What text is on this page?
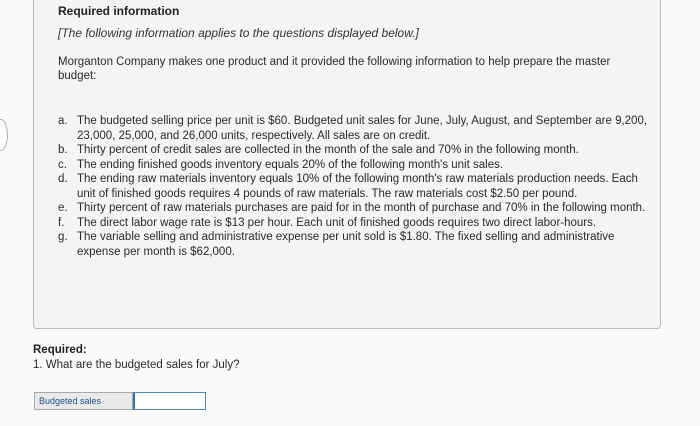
Required information
[The following information applies to the questions displayed below.]
Morganton Company makes one product and it provided the following information to help prepare the master budget:
a. The budgeted selling price per unit is $60. Budgeted unit sales for June, July, August, and September are 9,200, 23,000, 25,000, and 26,000 units, respectively. All sales are on credit.
b. Thirty percent of credit sales are collected in the month of the sale and 70% in the following month.
c. The ending finished goods inventory equals 20% of the following month's unit sales.
d. The ending raw materials inventory equals 10% of the following month's raw materials production needs. Each unit of finished goods requires 4 pounds of raw materials. The raw materials cost $2.50 per pound.
e. Thirty percent of raw materials purchases are paid for in the month of purchase and 70% in the following month.
f. The direct labor wage rate is $13 per hour. Each unit of finished goods requires two direct labor-hours.
g. The variable selling and administrative expense per unit sold is $1.80. The fixed selling and administrative expense per month is $62,000.
Required:
1. What are the budgeted sales for July?
Budgeted sales
